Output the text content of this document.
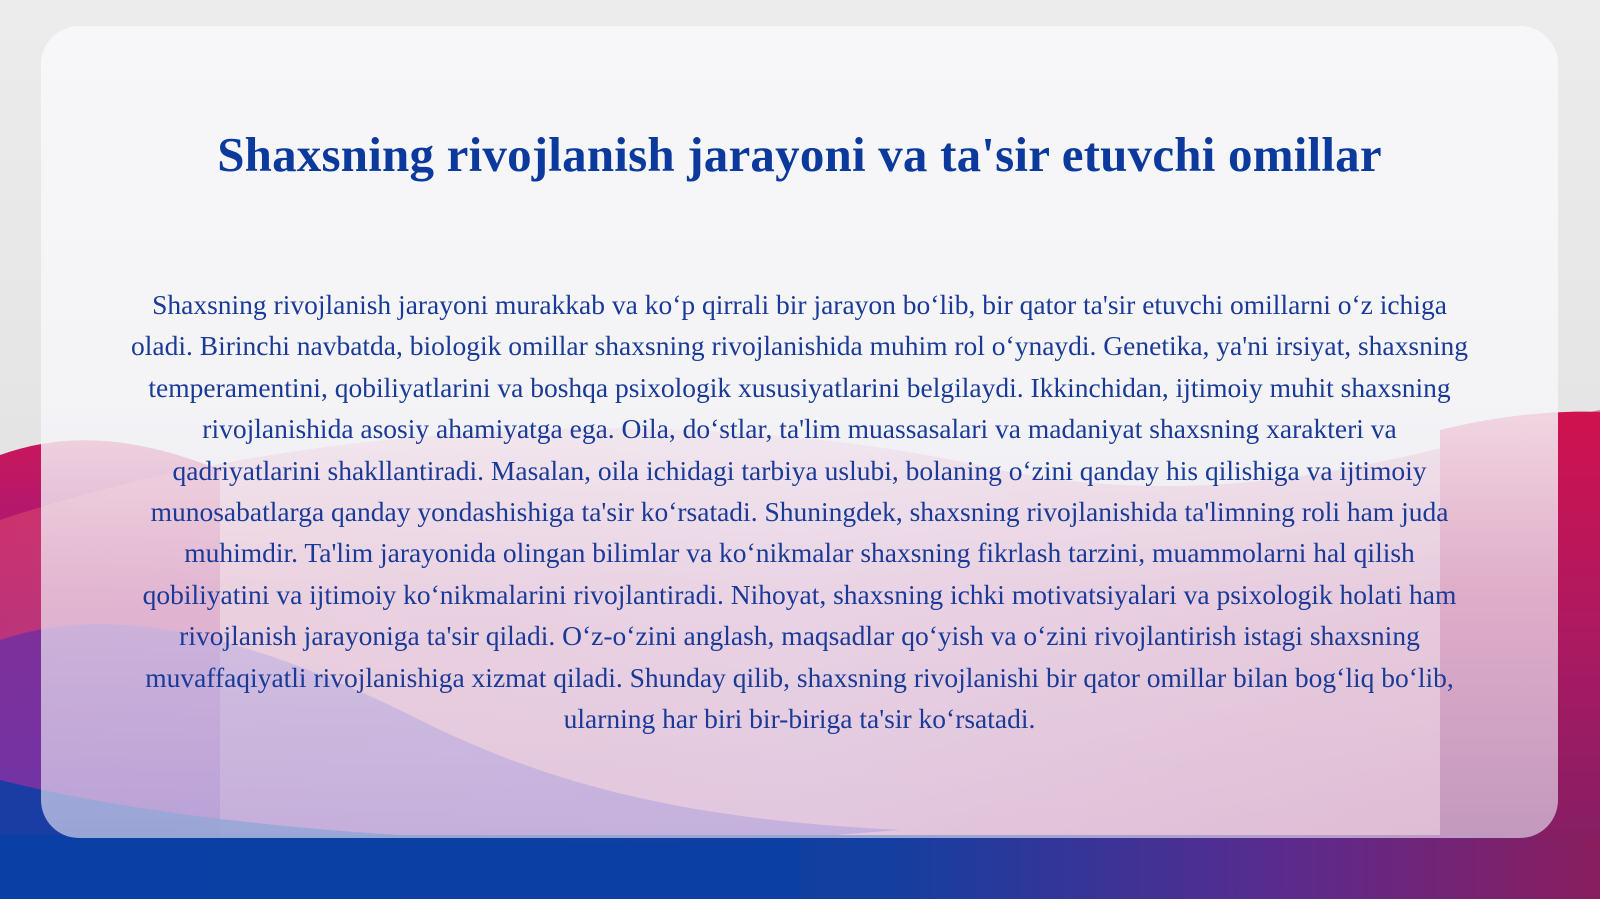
Shaxsning rivojlanish jarayoni va ta'sir etuvchi omillar

Shaxsning rivojlanish jarayoni murakkab va ko‘p qirrali bir jarayon bo‘lib, bir qator ta'sir etuvchi omillarni o‘z ichiga oladi. Birinchi navbatda, biologik omillar shaxsning rivojlanishida muhim rol o‘ynaydi. Genetika, ya'ni irsiyat, shaxsning temperamentini, qobiliyatlarini va boshqa psixologik xususiyatlarini belgilaydi. Ikkinchidan, ijtimoiy muhit shaxsning rivojlanishida asosiy ahamiyatga ega. Oila, do‘stlar, ta'lim muassasalari va madaniyat shaxsning xarakteri va qadriyatlarini shakllantiradi. Masalan, oila ichidagi tarbiya uslubi, bolaning o‘zini qanday his qilishiga va ijtimoiy munosabatlarga qanday yondashishiga ta'sir ko‘rsatadi. Shuningdek, shaxsning rivojlanishida ta'limning roli ham juda muhimdir. Ta'lim jarayonida olingan bilimlar va ko‘nikmalar shaxsning fikrlash tarzini, muammolarni hal qilish qobiliyatini va ijtimoiy ko‘nikmalarini rivojlantiradi. Nihoyat, shaxsning ichki motivatsiyalari va psixologik holati ham rivojlanish jarayoniga ta'sir qiladi. O‘z-o‘zini anglash, maqsadlar qo‘yish va o‘zini rivojlantirish istagi shaxsning muvaffaqiyatli rivojlanishiga xizmat qiladi. Shunday qilib, shaxsning rivojlanishi bir qator omillar bilan bog‘liq bo‘lib, ularning har biri bir-biriga ta'sir ko‘rsatadi.
